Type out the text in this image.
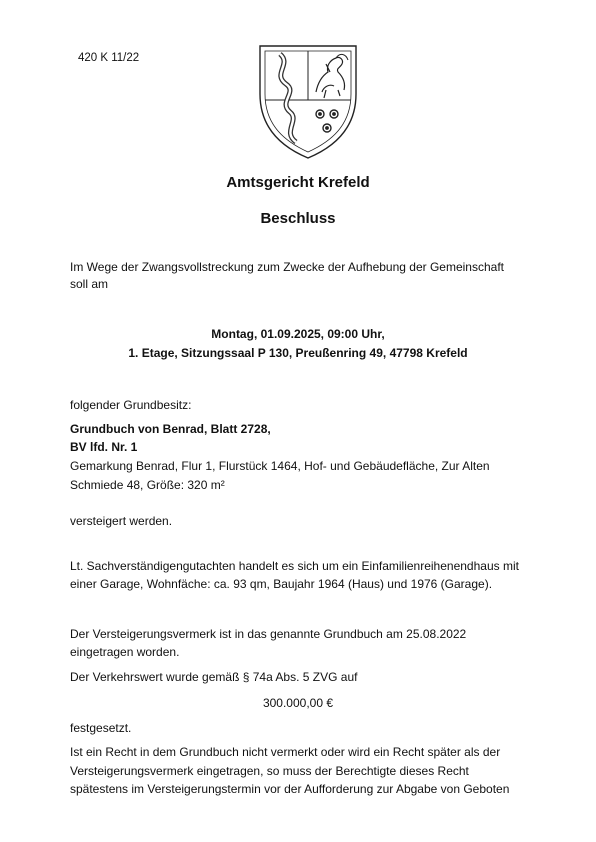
420 K 11/22
Amtsgericht Krefeld
Beschluss
Im Wege der Zwangsvollstreckung zum Zwecke der Aufhebung der Gemeinschaft
soll am
Montag, 01.09.2025, 09:00 Uhr,
1. Etage, Sitzungssaal P 130, Preußenring 49, 47798 Krefeld
folgender Grundbesitz:
Grundbuch von Benrad, Blatt 2728,
BV lfd. Nr. 1
Gemarkung Benrad, Flur 1, Flurstück 1464, Hof- und Gebäudefläche, Zur Alten
Schmiede 48, Größe: 320 m²
versteigert werden.
Lt. Sachverständigengutachten handelt es sich um ein Einfamilienreihenendhaus mit
einer Garage, Wohnfäche: ca. 93 qm, Baujahr 1964 (Haus) und 1976 (Garage).
Der Versteigerungsvermerk ist in das genannte Grundbuch am 25.08.2022
eingetragen worden.
Der Verkehrswert wurde gemäß § 74a Abs. 5 ZVG auf
300.000,00 €
festgesetzt.
Ist ein Recht in dem Grundbuch nicht vermerkt oder wird ein Recht später als der
Versteigerungsvermerk eingetragen, so muss der Berechtigte dieses Recht
spätestens im Versteigerungstermin vor der Aufforderung zur Abgabe von Geboten
